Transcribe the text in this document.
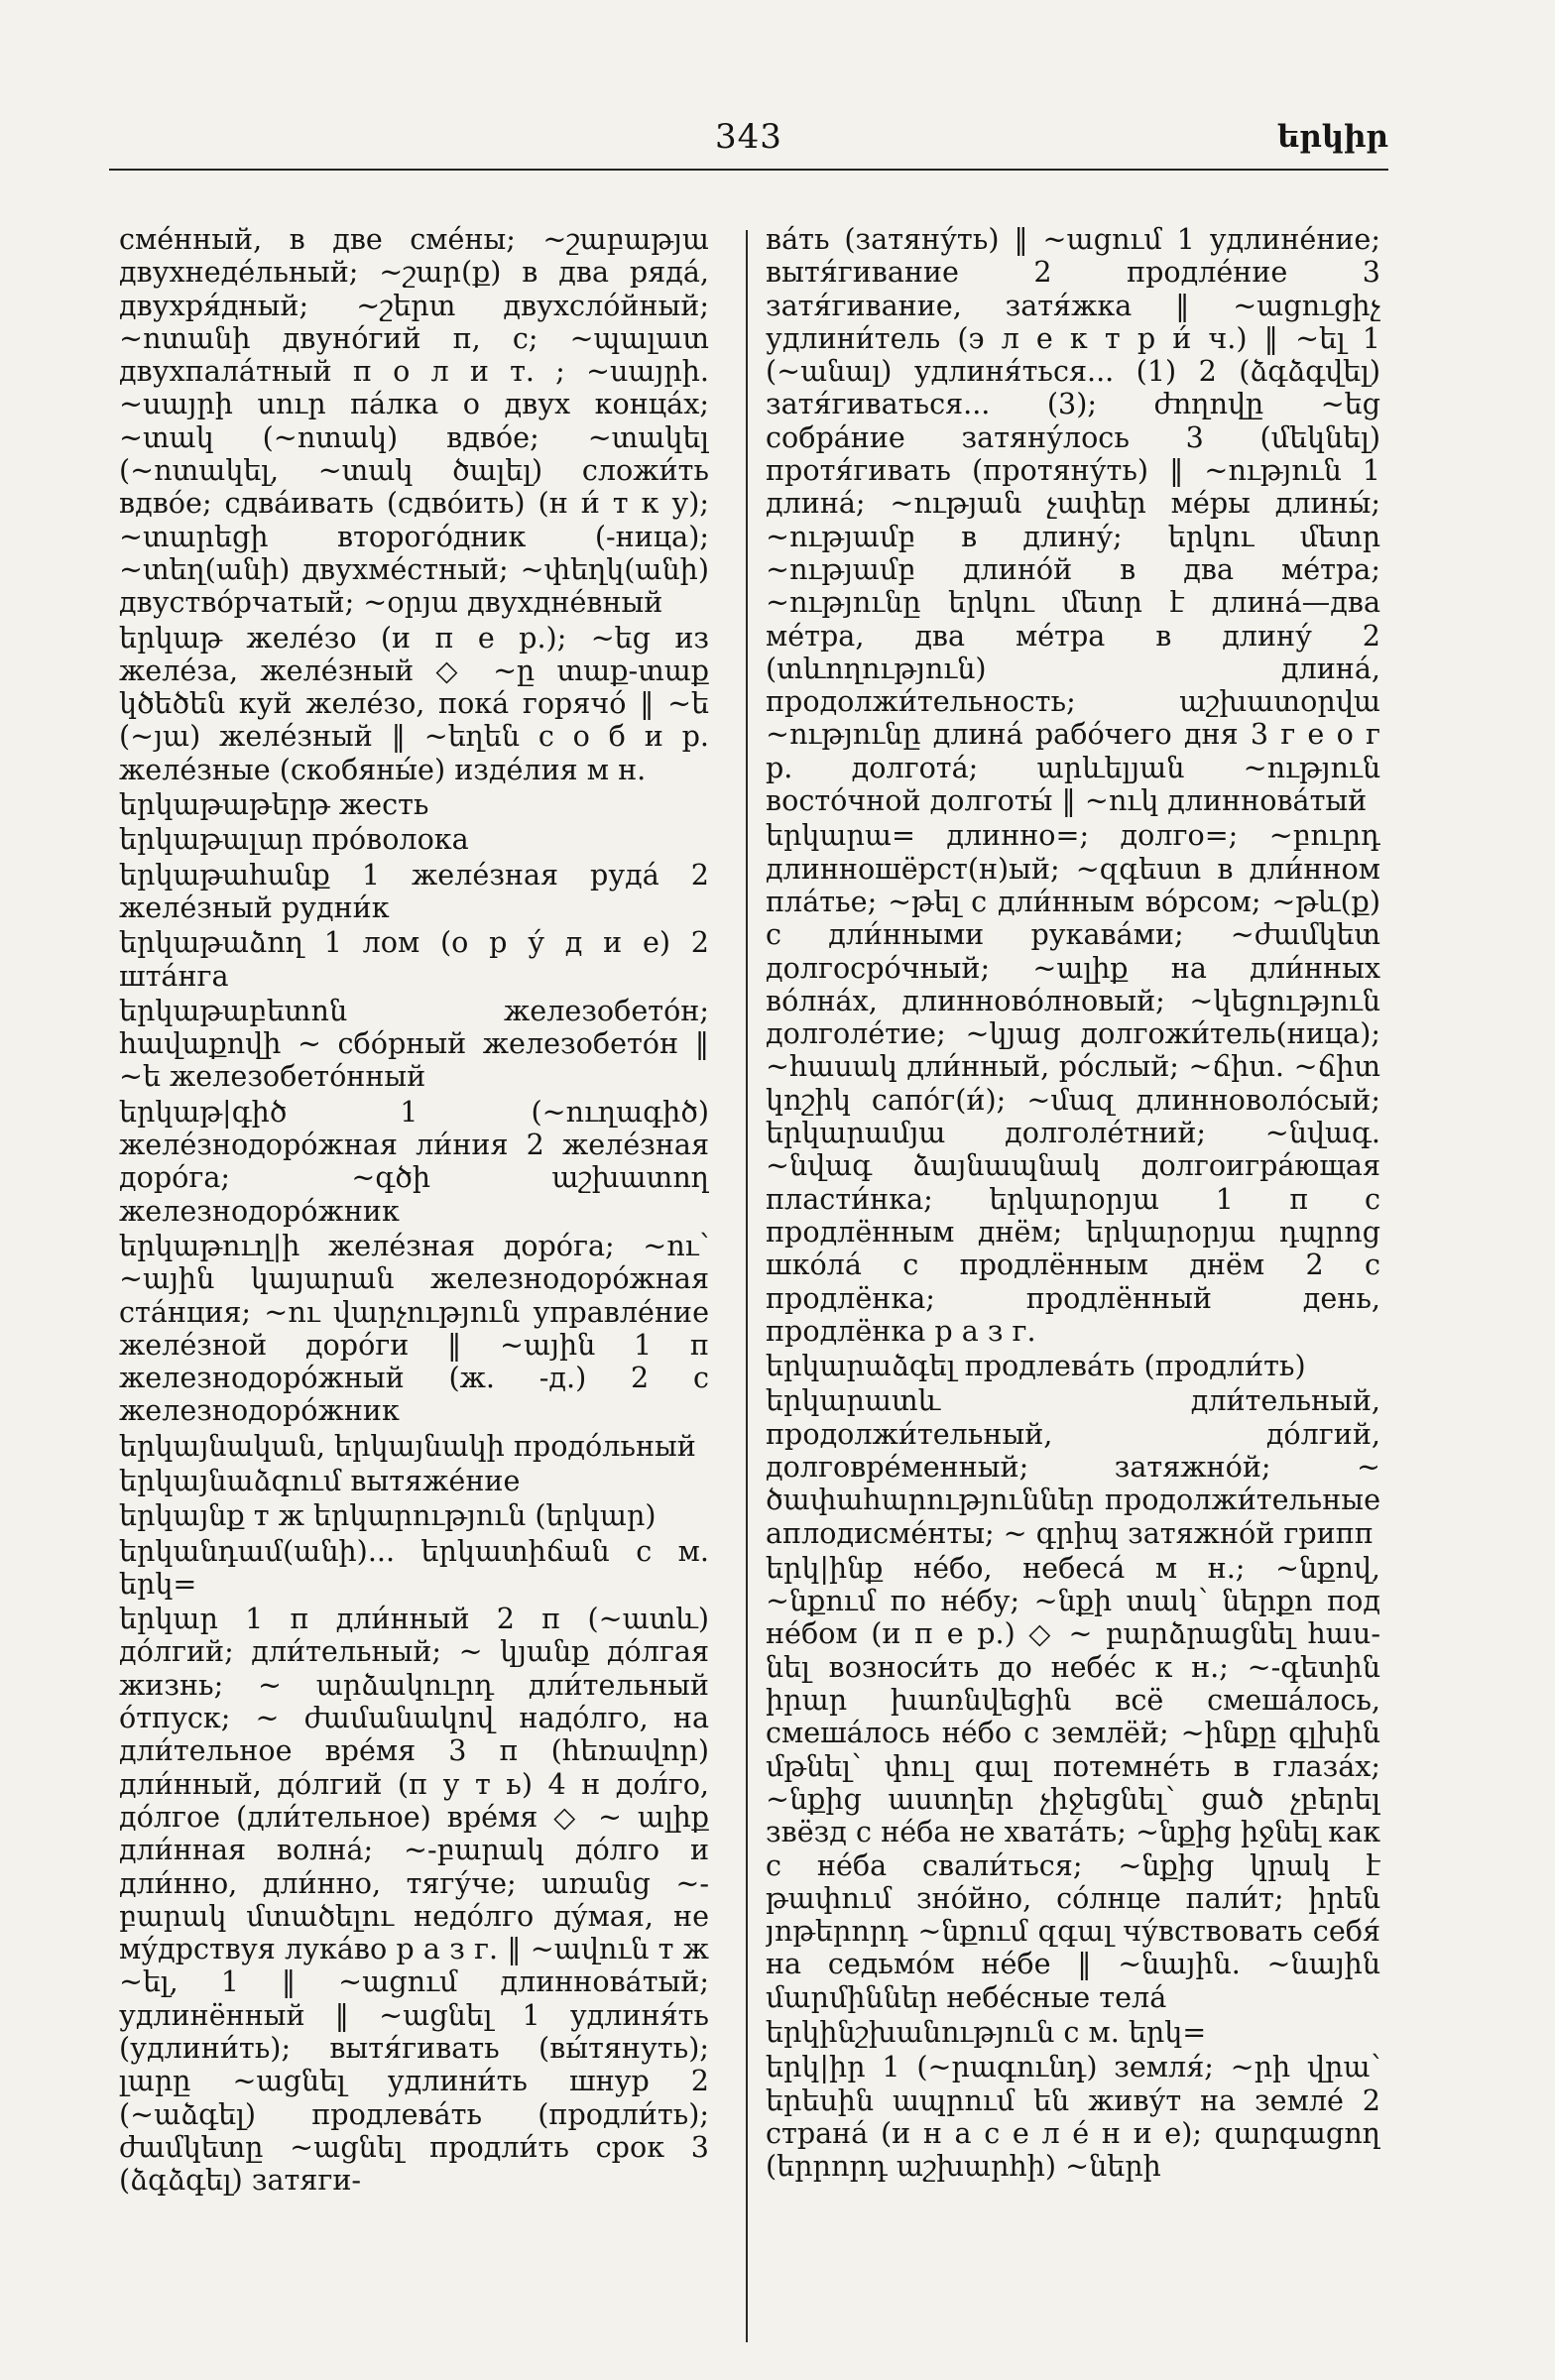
343	երկիր

сме́нный, в две сме́ны; ~շաբաթյա двухнеде́льный; ~շար(ք) в два ряда́, двухря́дный; ~շերտ двухсло́йный; ~ոտանի двуно́гий п, с; ~պալատ двухпала́тный п о л и т. ; ~սայրի. ~սայրի սուր па́лка о двух конца́х; ~տակ (~ոտակ) вдво́е; ~տակել (~ոտակել, ~տակ ծալել) сложи́ть вдво́е; сдва́ивать (сдво́ить) (н и́ т к у); ~տարեցի второго́дник (-ница); ~տեղ(անի) двухме́стный; ~փեղկ(անի) двуство́рчатый; ~օրյա двухдне́вный

երկաթ желе́зо (и п е р.); ~եց из желе́за, желе́зный ◇ ~ը տաք-տաք կծեծեն куй желе́зо, пока́ горячо́ ‖ ~ե (~յա) желе́зный ‖ ~եղեն с о б и р. желе́зные (скобяны́е) изде́лия м н.

երկաթաթերթ жесть

երկաթալար про́волока

երկաթահանք 1 желе́зная руда́ 2 желе́зный рудни́к

երկաթաձող 1 лом (о р у́ д и е) 2 шта́нга

երկաթաբետոն железобето́н; հավաքովի ~ сбо́рный железобето́н ‖ ~ե железобето́нный

երկաթ|գիծ 1 (~ուղագիծ) желе́знодоро́жная ли́ния 2 желе́зная доро́га; ~գծի աշխատող железнодоро́жник

երկաթուղ|ի желе́зная доро́га; ~ու՝ ~ային կայարան железнодоро́жная ста́нция; ~ու վարչություն управле́ние желе́зной доро́ги ‖ ~ային 1 п железнодоро́жный (ж. -д.) 2 с железнодоро́жник

երկայնական, երկայնակի продо́льный

երկայնաձգում вытяже́ние

երկայնք т ж երկարություն (երկար)

երկանդամ(անի)... երկատիճան с м. երկ=

երկար 1 п дли́нный 2 п (~ատև) до́лгий; дли́тельный; ~ կյանք до́лгая жизнь; ~ արձակուրդ дли́тельный о́тпуск; ~ ժամանակով надо́лго, на дли́тельное вре́мя 3 п (հեռավոր) дли́нный, до́лгий (п у т ь) 4 н дол́го, до́лгое (дли́тельное) вре́мя ◇ ~ ալիք дли́нная волна́; ~-բարակ до́лго и дли́нно, дли́нно, тягу́че; առանց ~-բարակ մտածելու недо́лго ду́мая, не му́дрствуя лука́во р а з г. ‖ ~ավուն т ж ~ել, 1 ‖ ~ացում длиннова́тый; удлинённый ‖ ~ացնել 1 удлиня́ть (удлини́ть); вытя́гивать (вы́тянуть); լարը ~ացնել удлини́ть шнур 2 (~աձգել) продлева́ть (продли́ть); ժամկետը ~ացնել продли́ть срок 3 (ձգձգել) затяги-

ва́ть (затяну́ть) ‖ ~ացում 1 удлине́ние; вытя́гивание 2 продле́ние 3 затя́гивание, затя́жка ‖ ~ացուցիչ удлини́тель (э л е к т р и́ ч.) ‖ ~ել 1 (~անալ) удлиня́ться... (1) 2 (ձգձգվել) затя́гиваться... (3); ժողովը ~եց собра́ние затяну́лось 3 (մեկնել) протя́гивать (протяну́ть) ‖ ~ություն 1 длина́; ~ության չափեր ме́ры длины́; ~ությամբ в длину́; երկու մետր ~ությամբ длино́й в два ме́тра; ~ությունը երկու մետր է длина́—два ме́тра, два ме́тра в длину́ 2 (տևողություն) длина́, продолжи́тельность; աշխատօրվա ~ությունը длина́ рабо́чего дня 3 г е о г р. долгота́; արևելյան ~ություն восто́чной долготы́ ‖ ~ուկ длиннова́тый

երկարա= длинно=; долго=; ~բուրդ длинношёрст(н)ый; ~զգեստ в дли́нном пла́тье; ~թել с дли́нным во́рсом; ~թև(ք) с дли́нными рукава́ми; ~ժամկետ долгосро́чный; ~ալիք на дли́нных во́лна́х, длинново́лновый; ~կեցություն долголе́тие; ~կյաց долгожи́тель(ница); ~հասակ дли́нный, ро́слый; ~ճիտ. ~ճիտ կոշիկ сапо́г(и́); ~մազ длинноволо́сый; երկարամյա долголе́тний; ~նվագ. ~նվագ ձայնապնակ долгоигра́ющая пласти́нка; երկարօրյա 1 п с продлённым днём; երկարօրյա դպրոց шко́ла́ с продлённым днём 2 с продлёнка; продлённый день, продлёнка р а з г.

երկարաձգել продлева́ть (продли́ть)

երկարատև дли́тельный, продолжи́тельный, до́лгий, долговре́менный; затяжно́й; ~ ծափահարություններ продолжи́тельные аплодисме́нты; ~ գրիպ затяжно́й грипп

երկ|ինք не́бо, небеса́ м н.; ~նքով, ~նքում по не́бу; ~նքի տակ՝ ներքո под не́бом (и п е р.) ◇ ~ բարձրացնել հաս-նել возноси́ть до небе́с к н.; ~-գետին իրար խառնվեցին всё смеша́лось, смеша́лось не́бо с землёй; ~ինքը գլխին մթնել՝ փուլ գալ потемне́ть в глаза́х; ~նքից աստղեր չիջեցնել՝ ցած չբերել звёзд с не́ба не хвата́ть; ~նքից իջնել как с не́ба свали́ться; ~նքից կրակ է թափում зно́йно, со́лнце пали́т; իրեն յոթերորդ ~նքում զգալ чу́вствовать себя́ на седьмо́м не́бе ‖ ~նային. ~նային մարմիններ небе́сные тела́

երկինշխանություն с м. երկ=

երկ|իր 1 (~րագունդ) земля́; ~րի վրա՝ երեսին ապրում են живу́т на земле́ 2 страна́ (и н а с е л е́ н и е); զարգացող (երրորդ աշխարհի) ~ների
